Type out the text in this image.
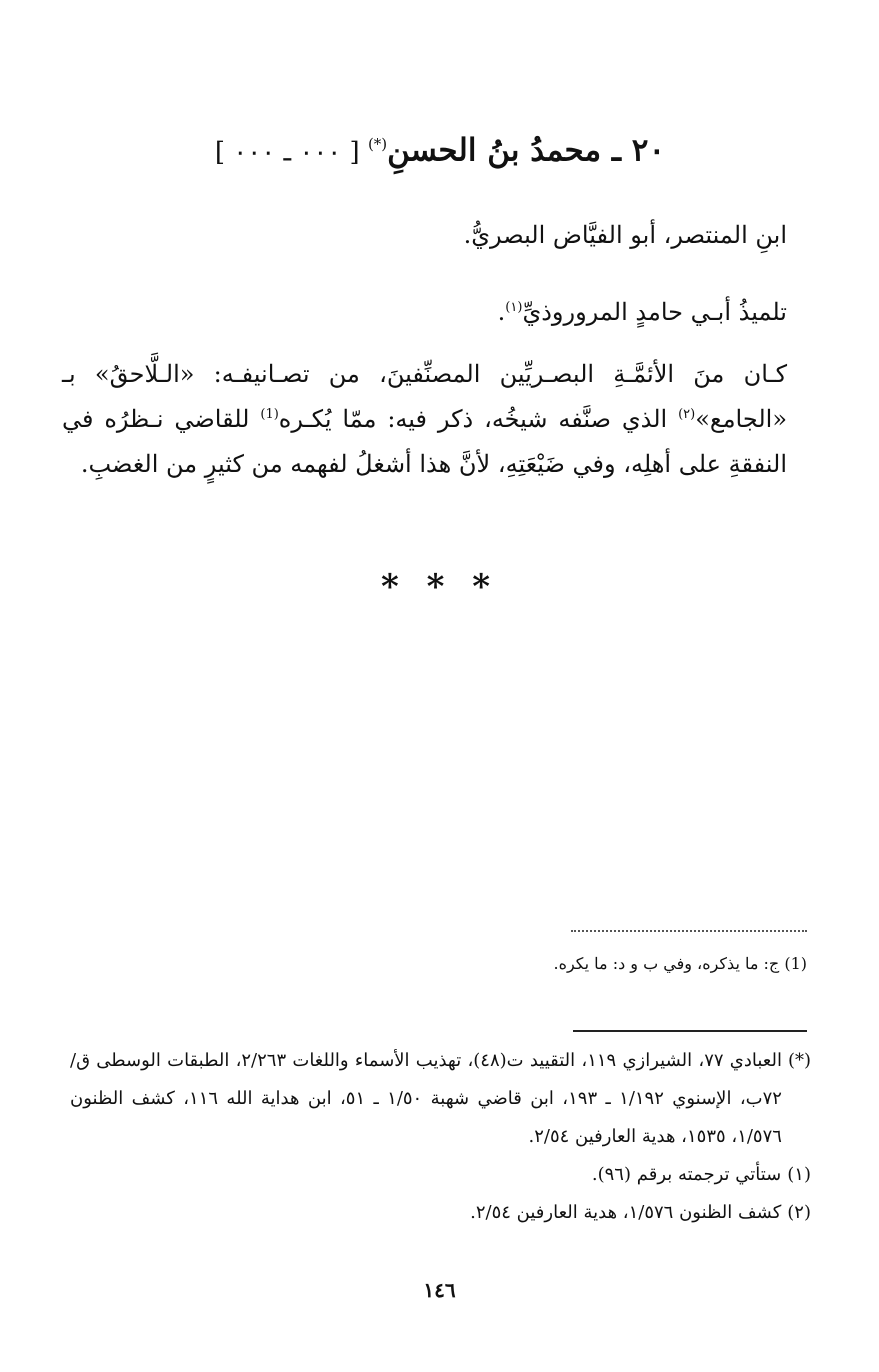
٢٠ ـ محمدُ بنُ الحسنِ(*) [ ٠٠٠ ـ ٠٠٠ ]
ابنِ المنتصر، أبو الفيَّاض البصريُّ.
تلميذُ أبـي حامدٍ المروروذيِّ$^{(١)}$.
كـان منَ الأئمَّـةِ البصـريِّين المصنِّفينَ، من تصـانيفـه: «الـلَّاحقُ» بـ «الجامع»$^{(٢)}$ الذي صنَّفه شيخُه، ذكر فيه: ممّا يُكـره$^{(1)}$ للقاضي نـظرُه في النفقةِ على أهلِه، وفي ضَيْعَتِهِ، لأنَّ هذا أشغلُ لفهمه من كثيرٍ من الغضبِ.
* * *
(1) ج: ما يذكره، وفي ب و د: ما يكره.
(*)
العبادي ٧٧، الشيرازي ١١٩، التقييد ت(٤٨)، تهذيب الأسماء واللغات ٢/٢٦٣، الطبقات الوسطى ق/٧٢ب، الإسنوي ١/١٩٢ ـ ١٩٣، ابن قاضي شهبة ١/٥٠ ـ ٥١، ابن هداية الله ١١٦، كشف الظنون ١/٥٧٦، ١٥٣٥، هدية العارفين ٢/٥٤.
(١)
ستأتي ترجمته برقم (٩٦).
(٢)
كشف الظنون ١/٥٧٦، هدية العارفين ٢/٥٤.
١٤٦
